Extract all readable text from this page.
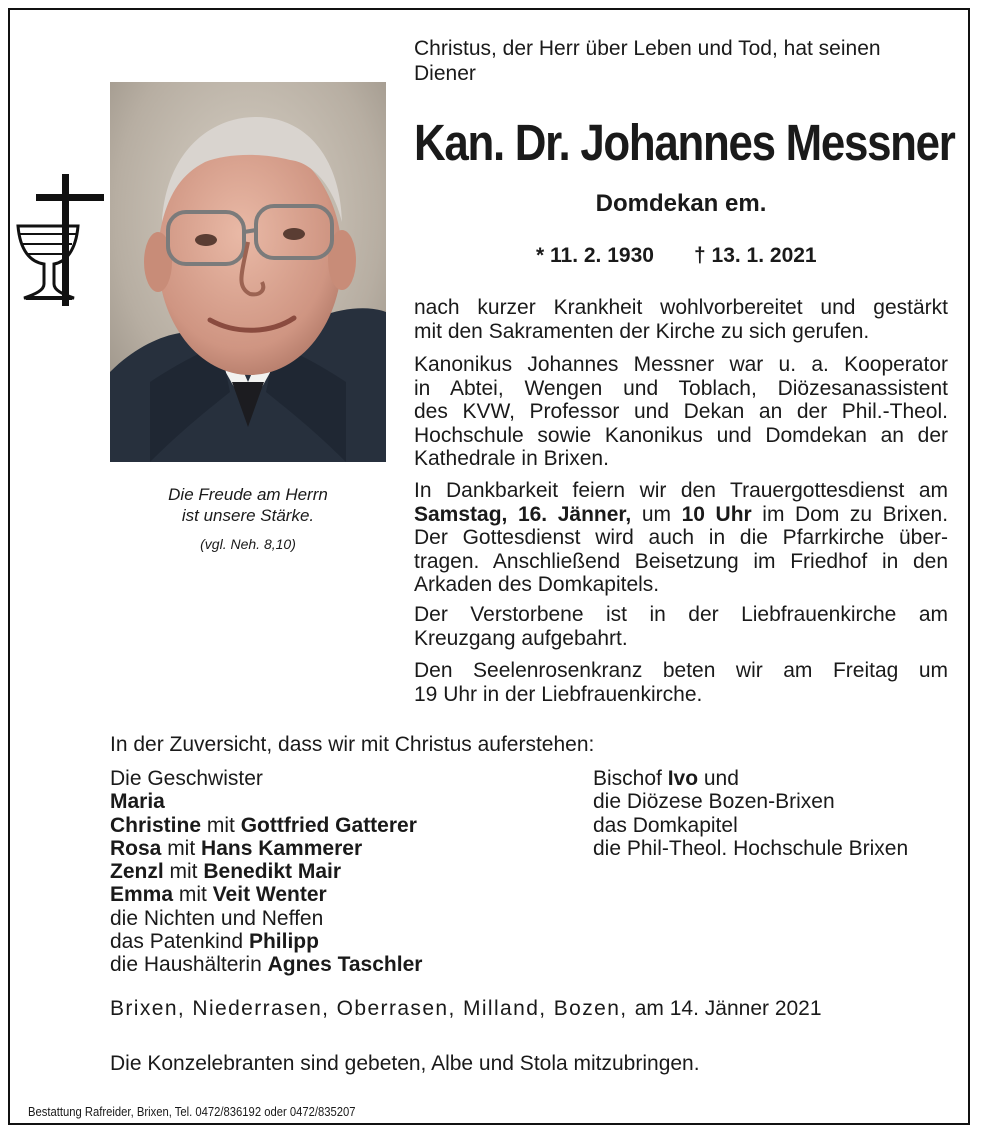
Christus, der Herr über Leben und Tod, hat seinen Diener
Kan. Dr. Johannes Messner
Domdekan em.
* 11. 2. 1930 † 13. 1. 2021
nach kurzer Krankheit wohlvorbereitet und gestärkt
mit den Sakramenten der Kirche zu sich gerufen.
Kanonikus Johannes Messner war u. a. Kooperator
in Abtei, Wengen und Toblach, Diözesanassistent
des KVW, Professor und Dekan an der Phil.-Theol.
Hochschule sowie Kanonikus und Domdekan an der
Kathedrale in Brixen.
In Dankbarkeit feiern wir den Trauergottesdienst am
Samstag, 16. Jänner, um 10 Uhr im Dom zu Brixen.
Der Gottesdienst wird auch in die Pfarrkirche über-
tragen. Anschließend Beisetzung im Friedhof in den
Arkaden des Domkapitels.
Der Verstorbene ist in der Liebfrauenkirche am
Kreuzgang aufgebahrt.
Den Seelenrosenkranz beten wir am Freitag um
19 Uhr in der Liebfrauenkirche.
Die Freude am Herrn
ist unsere Stärke.
(vgl. Neh. 8,10)
In der Zuversicht, dass wir mit Christus auferstehen:
Die Geschwister
Maria
Christine mit Gottfried Gatterer
Rosa mit Hans Kammerer
Zenzl mit Benedikt Mair
Emma mit Veit Wenter
die Nichten und Neffen
das Patenkind Philipp
die Haushälterin Agnes Taschler
Bischof Ivo und
die Diözese Bozen-Brixen
das Domkapitel
die Phil-Theol. Hochschule Brixen
Brixen, Niederrasen, Oberrasen, Milland, Bozen, am 14. Jänner 2021
Die Konzelebranten sind gebeten, Albe und Stola mitzubringen.
Bestattung Rafreider, Brixen, Tel. 0472/836192 oder 0472/835207
